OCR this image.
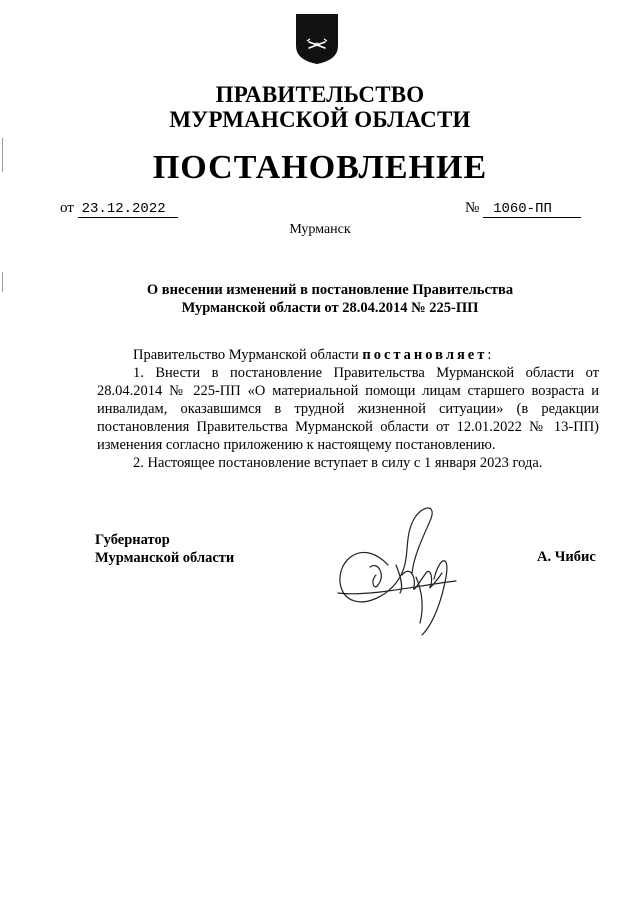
ПРАВИТЕЛЬСТВО
МУРМАНСКОЙ ОБЛАСТИ
ПОСТАНОВЛЕНИЕ
от 23.12.2022	№ 1060-ПП
Мурманск
О внесении изменений в постановление Правительства
Мурманской области от 28.04.2014 № 225-ПП

Правительство Мурманской области постановляет:

1. Внести в постановление Правительства Мурманской области от 28.04.2014 № 225-ПП «О материальной помощи лицам старшего возраста и инвалидам, оказавшимся в трудной жизненной ситуации» (в редакции постановления Правительства Мурманской области от 12.01.2022 № 13-ПП) изменения согласно приложению к настоящему постановлению.

2. Настоящее постановление вступает в силу с 1 января 2023 года.

Губернатор
Мурманской области	А. Чибис
